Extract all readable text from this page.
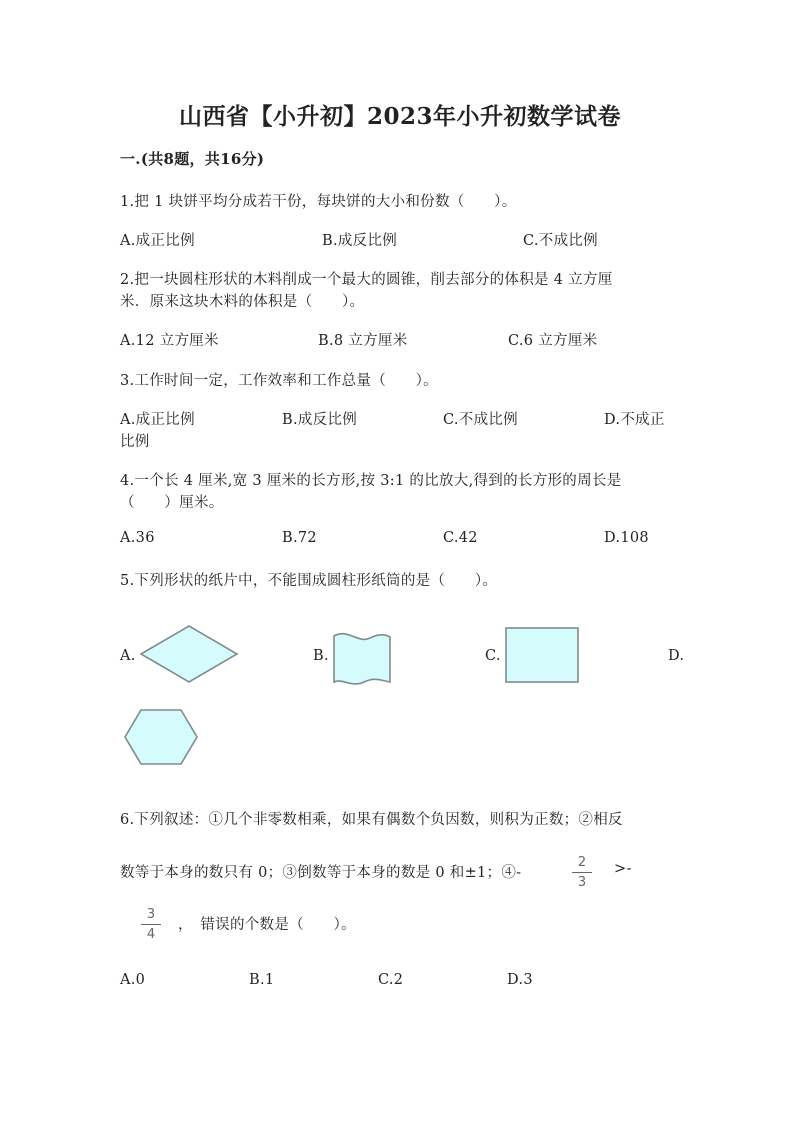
山西省【小升初】2023年小升初数学试卷
一.(共8题，共16分)
1.把 1 块饼平均分成若干份，每块饼的大小和份数（　　）。
A.成正比例	B.成反比例	C.不成比例
2.把一块圆柱形状的木料削成一个最大的圆锥，削去部分的体积是 4 立方厘
米．原来这块木料的体积是（　　）。
A.12 立方厘米	B.8 立方厘米	C.6 立方厘米
3.工作时间一定，工作效率和工作总量（　　）。
A.成正比例	B.成反比例	C.不成比例	D.不成正
比例
4.一个长 4 厘米,宽 3 厘米的长方形,按 3:1 的比放大,得到的长方形的周长是
（　　）厘米。
A.36	B.72	C.42	D.108
5.下列形状的纸片中，不能围成圆柱形纸筒的是（　　）。
A.	B.	C.	D.
6.下列叙述：①几个非零数相乘，如果有偶数个负因数，则积为正数；②相反
数等于本身的数只有 0；③倒数等于本身的数是 0 和±1；④-
2
3
>-
3
4
，　错误的个数是（　　）。
A.0	B.1	C.2	D.3
